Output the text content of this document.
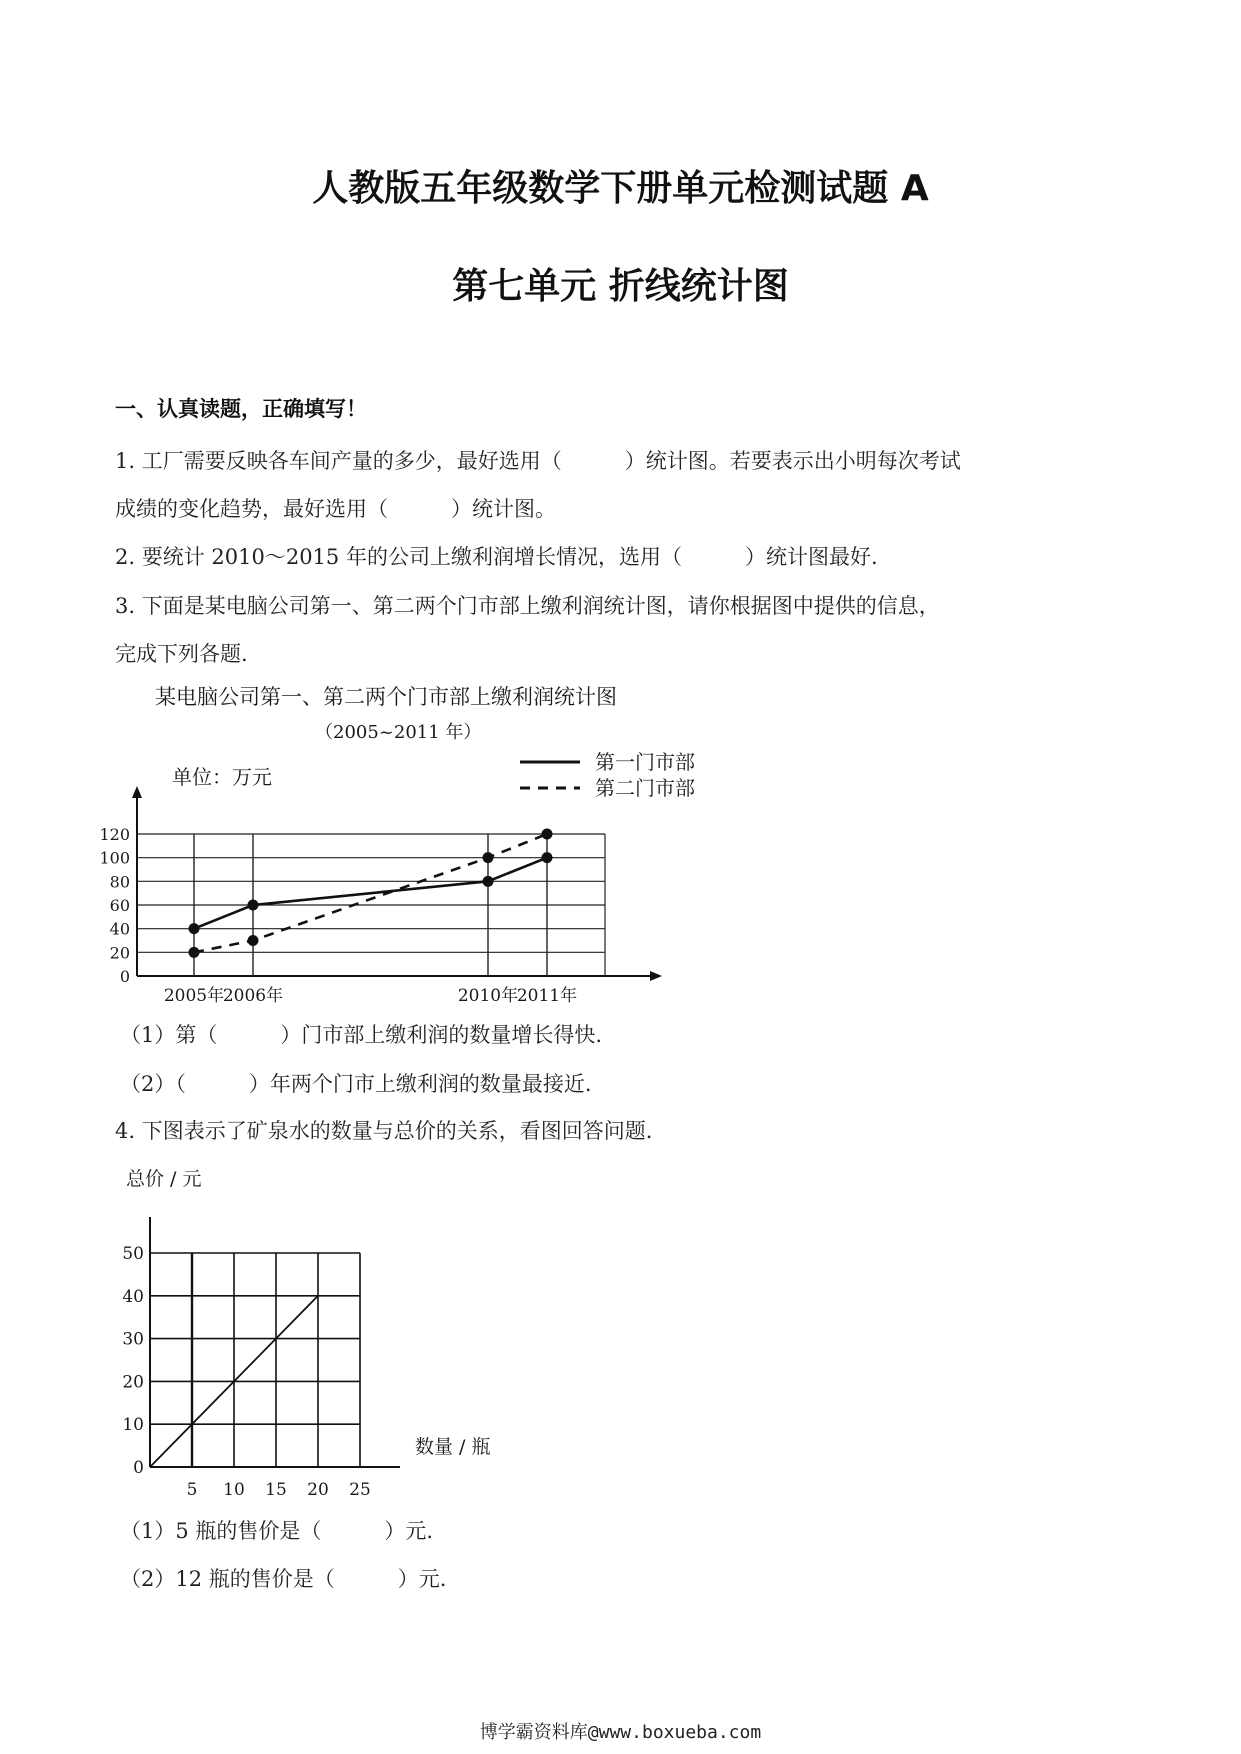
人教版五年级数学下册单元检测试题 A
第七单元 折线统计图
一、认真读题，正确填写！
1. 工厂需要反映各车间产量的多少，最好选用（　　　）统计图。若要表示出小明每次考试
成绩的变化趋势，最好选用（　　　）统计图。
2. 要统计 2010～2015 年的公司上缴利润增长情况，选用（　　　）统计图最好.
3. 下面是某电脑公司第一、第二两个门市部上缴利润统计图，请你根据图中提供的信息，
完成下列各题.
某电脑公司第一、第二两个门市部上缴利润统计图
（2005~2011 年）
单位：万元
第一门市部
第二门市部
0
20
40
60
80
100
120
2005年
2006年	2010年
2011年
（1）第（　　　）门市部上缴利润的数量增长得快.
（2）（　　　）年两个门市上缴利润的数量最接近.
4. 下图表示了矿泉水的数量与总价的关系，看图回答问题.
总价 / 元
数量 / 瓶
0
10
20
30
40
50
5 10 15 20 25
（1）5 瓶的售价是（　　　）元.
（2）12 瓶的售价是（　　　）元.
博学霸资料库@www.boxueba.com
